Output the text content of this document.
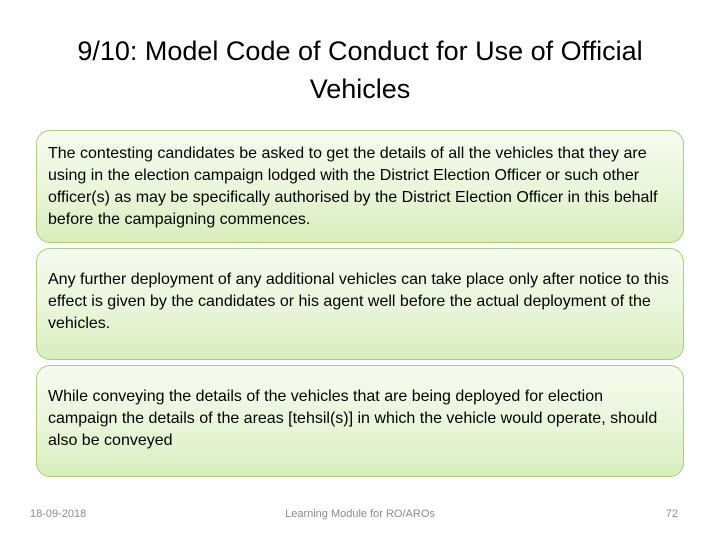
9/10: Model Code of Conduct for Use of Official
Vehicles
The contesting candidates be asked to get the details of all the vehicles that they are using in the election campaign lodged with the District Election Officer or such other officer(s) as may be specifically authorised by the District Election Officer in this behalf before the campaigning commences.
Any further deployment of any additional vehicles can take place only after notice to this effect is given by the candidates or his agent well before the actual deployment of the vehicles.
While conveying the details of the vehicles that are being deployed for election campaign the details of the areas [tehsil(s)] in which the vehicle would operate, should also be conveyed
18-09-2018	Learning Module for RO/AROs	72
